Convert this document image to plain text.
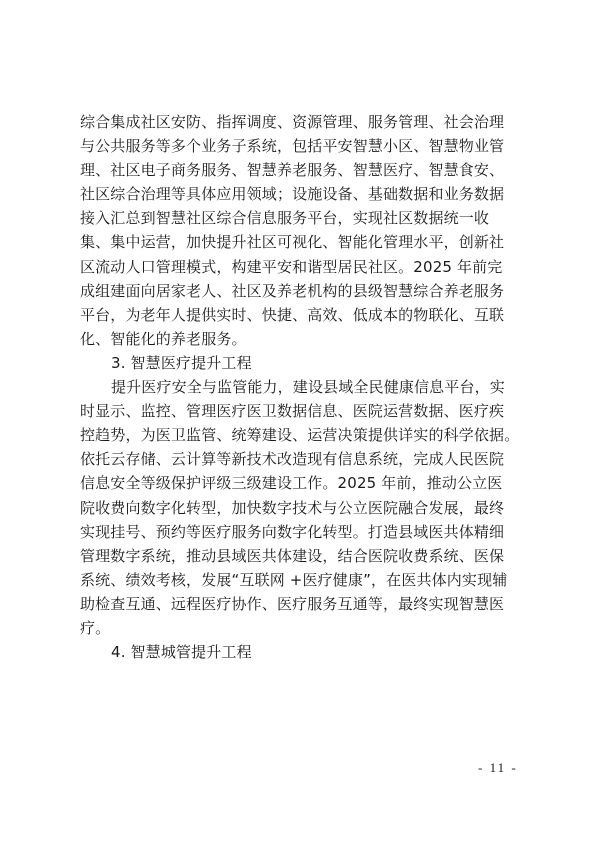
综合集成社区安防、指挥调度、资源管理、服务管理、社会治理
与公共服务等多个业务子系统，包括平安智慧小区、智慧物业管
理、社区电子商务服务、智慧养老服务、智慧医疗、智慧食安、
社区综合治理等具体应用领域；设施设备、基础数据和业务数据
接入汇总到智慧社区综合信息服务平台，实现社区数据统一收
集、集中运营，加快提升社区可视化、智能化管理水平，创新社
区流动人口管理模式，构建平安和谐型居民社区。2025 年前完
成组建面向居家老人、社区及养老机构的县级智慧综合养老服务
平台，为老年人提供实时、快捷、高效、低成本的物联化、互联
化、智能化的养老服务。
3. 智慧医疗提升工程
提升医疗安全与监管能力，建设县域全民健康信息平台，实
时显示、监控、管理医疗医卫数据信息、医院运营数据、医疗疾
控趋势，为医卫监管、统筹建设、运营决策提供详实的科学依据。
依托云存储、云计算等新技术改造现有信息系统，完成人民医院
信息安全等级保护评级三级建设工作。2025 年前，推动公立医
院收费向数字化转型，加快数字技术与公立医院融合发展，最终
实现挂号、预约等医疗服务向数字化转型。打造县域医共体精细
管理数字系统，推动县域医共体建设，结合医院收费系统、医保
系统、绩效考核，发展“互联网 +医疗健康”，在医共体内实现辅
助检查互通、远程医疗协作、医疗服务互通等，最终实现智慧医
疗。
4. 智慧城管提升工程
- 11 -
